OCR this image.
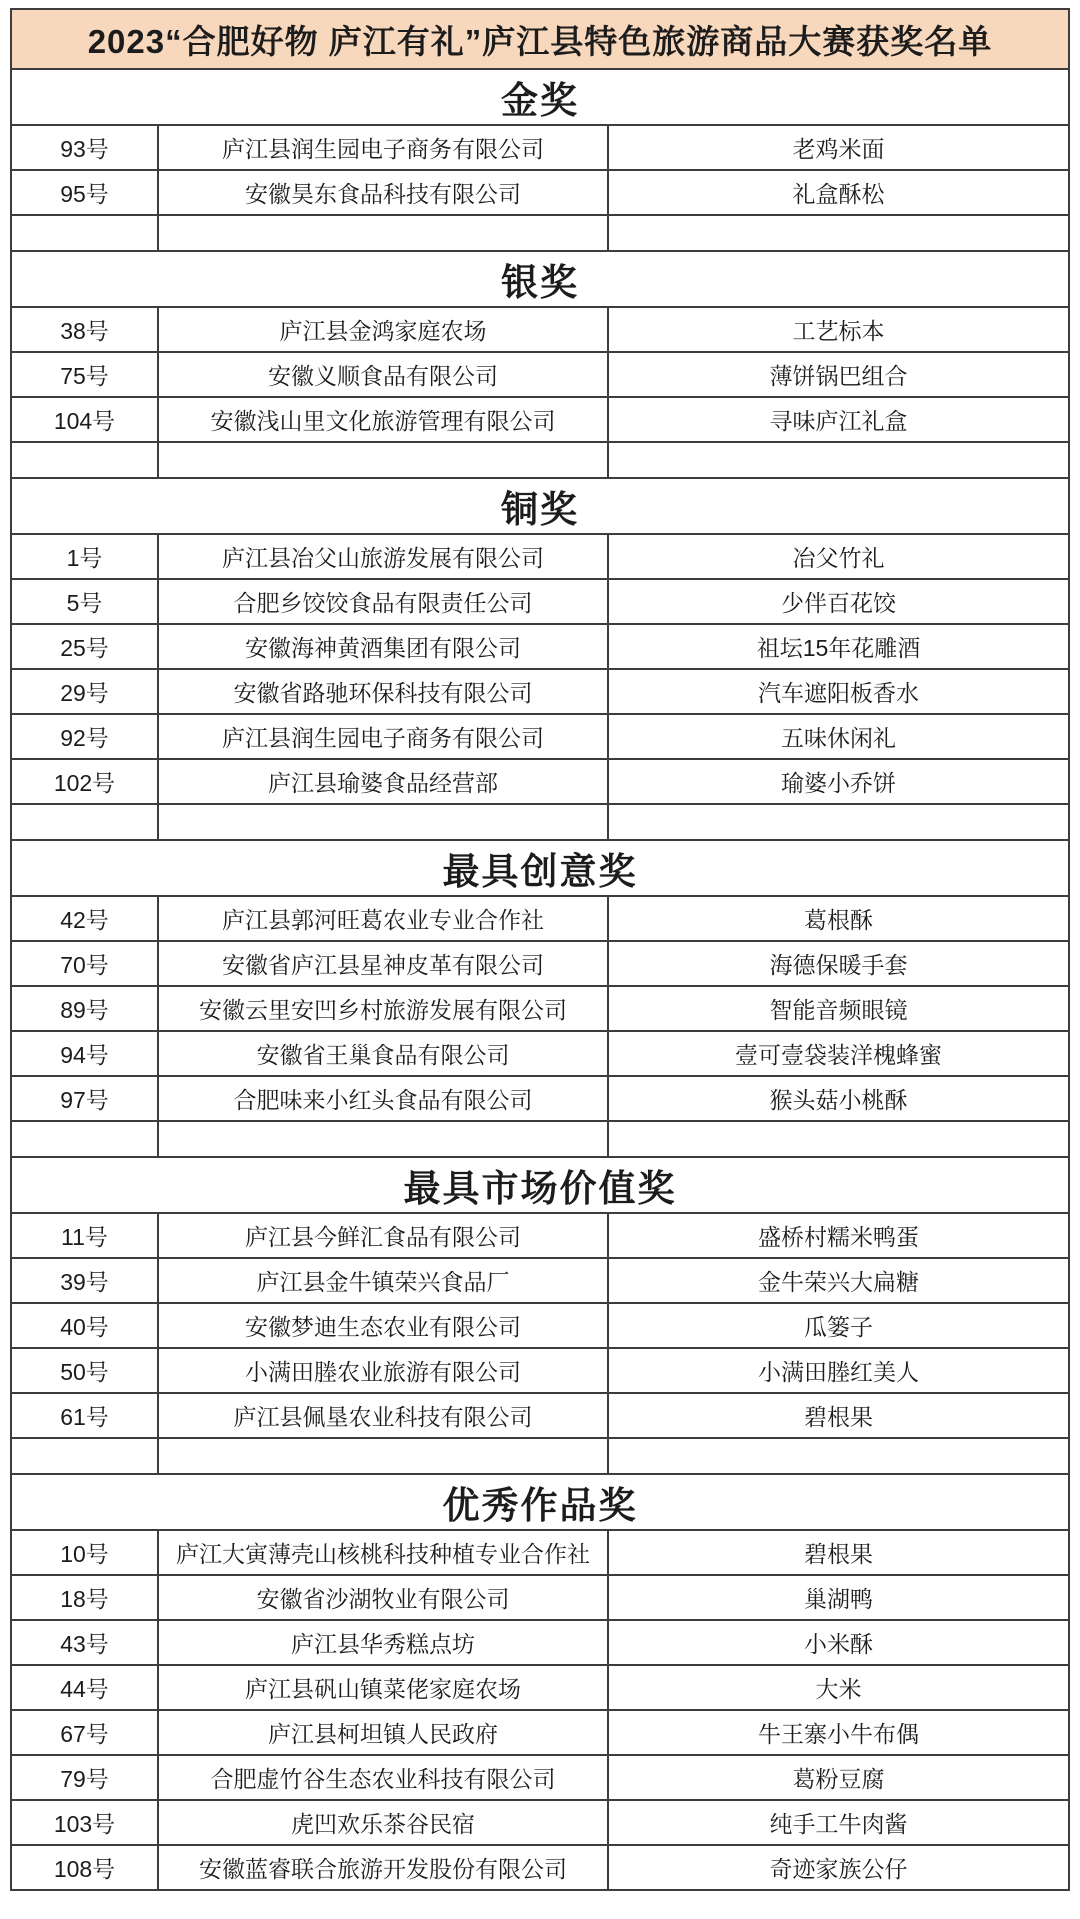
2023“合肥好物 庐江有礼”庐江县特色旅游商品大赛获奖名单		
金奖		
93号	庐江县润生园电子商务有限公司	老鸡米面
95号	安徽昊东食品科技有限公司	礼盒酥松

银奖		
38号	庐江县金鸿家庭农场	工艺标本
75号	安徽义顺食品有限公司	薄饼锅巴组合
104号	安徽浅山里文化旅游管理有限公司	寻味庐江礼盒

铜奖		
1号	庐江县冶父山旅游发展有限公司	冶父竹礼
5号	合肥乡饺饺食品有限责任公司	少伴百花饺
25号	安徽海神黄酒集团有限公司	祖坛15年花雕酒
29号	安徽省路驰环保科技有限公司	汽车遮阳板香水
92号	庐江县润生园电子商务有限公司	五味休闲礼
102号	庐江县瑜婆食品经营部	瑜婆小乔饼

最具创意奖		
42号	庐江县郭河旺葛农业专业合作社	葛根酥
70号	安徽省庐江县星神皮革有限公司	海德保暖手套
89号	安徽云里安凹乡村旅游发展有限公司	智能音频眼镜
94号	安徽省王巢食品有限公司	壹可壹袋装洋槐蜂蜜
97号	合肥味来小红头食品有限公司	猴头菇小桃酥

最具市场价值奖		
11号	庐江县今鲜汇食品有限公司	盛桥村糯米鸭蛋
39号	庐江县金牛镇荣兴食品厂	金牛荣兴大扁糖
40号	安徽梦迪生态农业有限公司	瓜篓子
50号	小满田塍农业旅游有限公司	小满田塍红美人
61号	庐江县佩垦农业科技有限公司	碧根果

优秀作品奖		
10号	庐江大寅薄壳山核桃科技种植专业合作社	碧根果
18号	安徽省沙湖牧业有限公司	巢湖鸭
43号	庐江县华秀糕点坊	小米酥
44号	庐江县矾山镇菜佬家庭农场	大米
67号	庐江县柯坦镇人民政府	牛王寨小牛布偶
79号	合肥虚竹谷生态农业科技有限公司	葛粉豆腐
103号	虎凹欢乐茶谷民宿	纯手工牛肉酱
108号	安徽蓝睿联合旅游开发股份有限公司	奇迹家族公仔
